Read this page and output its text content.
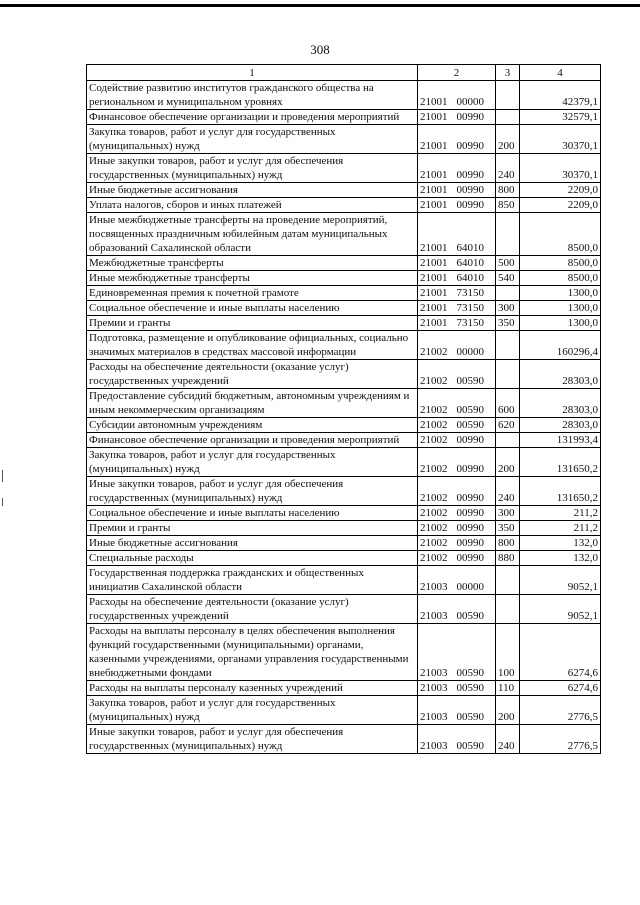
308
1	2	3	4
Содействие развитию институтов гражданского общества на региональном и муниципальном уровнях	21001 00000		42379,1
Финансовое обеспечение организации и проведения мероприятий	21001 00990		32579,1
Закупка товаров, работ и услуг для государственных (муниципальных) нужд	21001 00990	200	30370,1
Иные закупки товаров, работ и услуг для обеспечения государственных (муниципальных) нужд	21001 00990	240	30370,1
Иные бюджетные ассигнования	21001 00990	800	2209,0
Уплата налогов, сборов и иных платежей	21001 00990	850	2209,0
Иные межбюджетные трансферты на проведение мероприятий, посвященных праздничным юбилейным датам муниципальных образований Сахалинской области	21001 64010		8500,0
Межбюджетные трансферты	21001 64010	500	8500,0
Иные межбюджетные трансферты	21001 64010	540	8500,0
Единовременная премия к почетной грамоте	21001 73150		1300,0
Социальное обеспечение и иные выплаты населению	21001 73150	300	1300,0
Премии и гранты	21001 73150	350	1300,0
Подготовка, размещение и опубликование официальных, социально значимых материалов в средствах массовой информации	21002 00000		160296,4
Расходы на обеспечение деятельности (оказание услуг) государственных учреждений	21002 00590		28303,0
Предоставление субсидий бюджетным, автономным учреждениям и иным некоммерческим организациям	21002 00590	600	28303,0
Субсидии автономным учреждениям	21002 00590	620	28303,0
Финансовое обеспечение организации и проведения мероприятий	21002 00990		131993,4
Закупка товаров, работ и услуг для государственных (муниципальных) нужд	21002 00990	200	131650,2
Иные закупки товаров, работ и услуг для обеспечения государственных (муниципальных) нужд	21002 00990	240	131650,2
Социальное обеспечение и иные выплаты населению	21002 00990	300	211,2
Премии и гранты	21002 00990	350	211,2
Иные бюджетные ассигнования	21002 00990	800	132,0
Специальные расходы	21002 00990	880	132,0
Государственная поддержка гражданских и общественных инициатив Сахалинской области	21003 00000		9052,1
Расходы на обеспечение деятельности (оказание услуг) государственных учреждений	21003 00590		9052,1
Расходы на выплаты персоналу в целях обеспечения выполнения функций государственными (муниципальными) органами, казенными учреждениями, органами управления государственными внебюджетными фондами	21003 00590	100	6274,6
Расходы на выплаты персоналу казенных учреждений	21003 00590	110	6274,6
Закупка товаров, работ и услуг для государственных (муниципальных) нужд	21003 00590	200	2776,5
Иные закупки товаров, работ и услуг для обеспечения государственных (муниципальных) нужд	21003 00590	240	2776,5
